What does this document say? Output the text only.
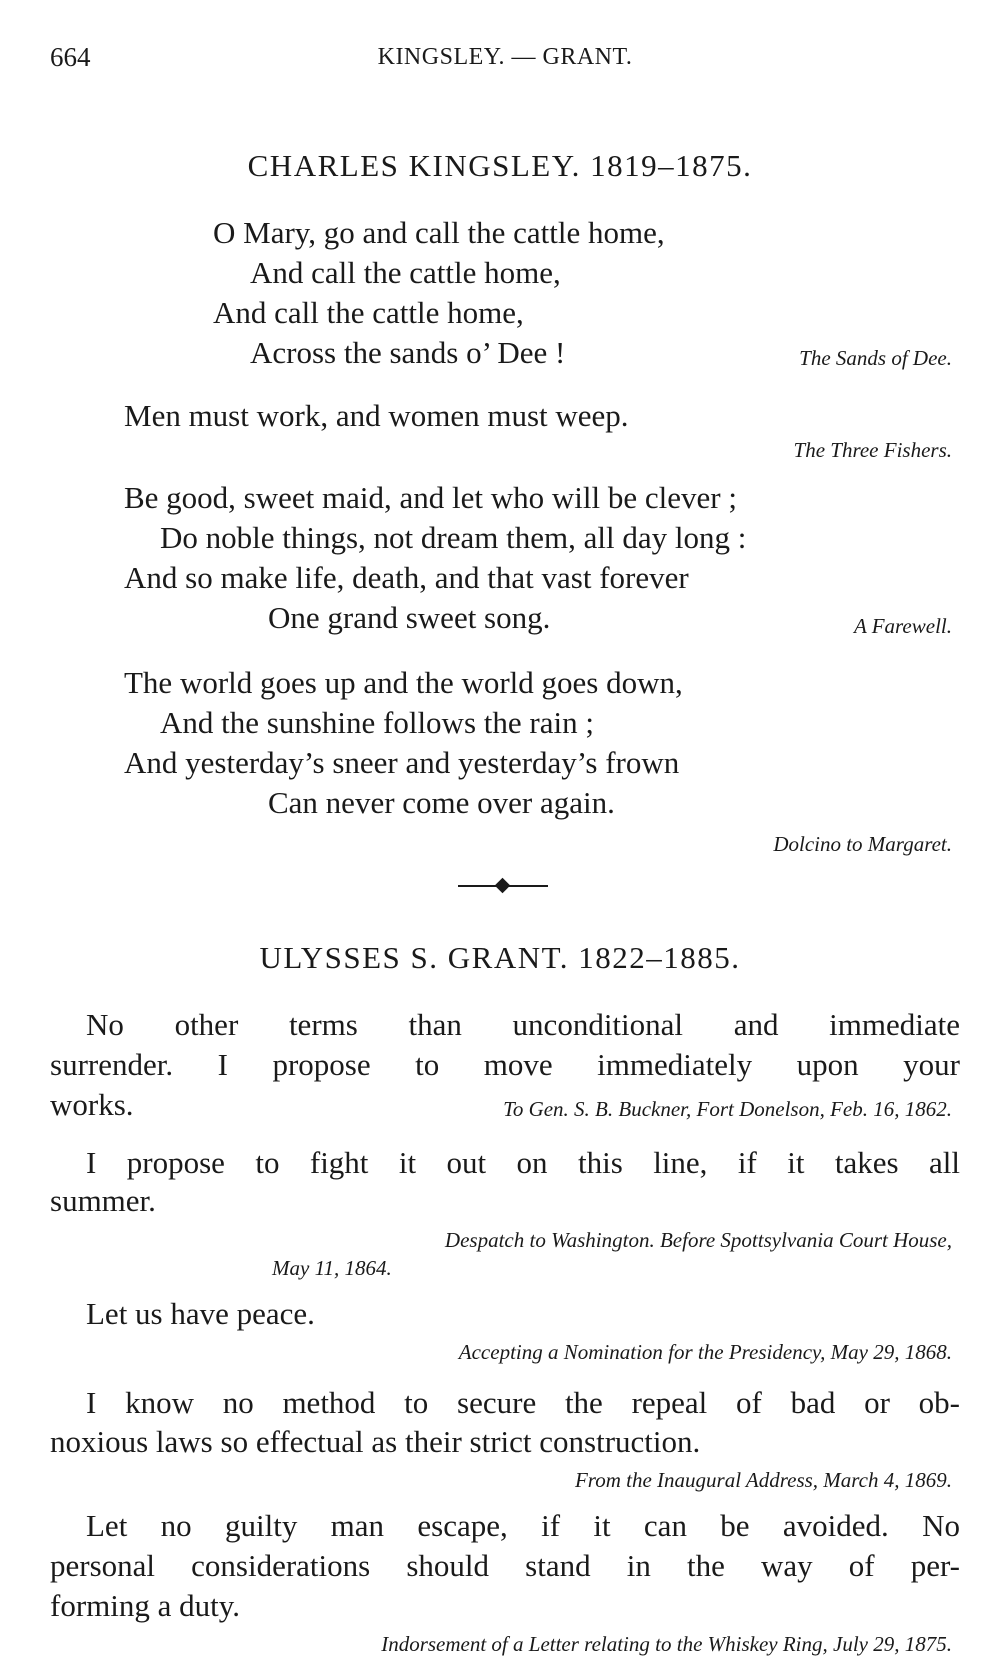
664	KINGSLEY. — GRANT.
CHARLES KINGSLEY. 1819–1875.
O Mary, go and call the cattle home,
And call the cattle home,
And call the cattle home,
Across the sands o’ Dee !	The Sands of Dee.
Men must work, and women must weep.
The Three Fishers.
Be good, sweet maid, and let who will be clever ;
Do noble things, not dream them, all day long :
And so make life, death, and that vast forever
One grand sweet song.	A Farewell.
The world goes up and the world goes down,
And the sunshine follows the rain ;
And yesterday’s sneer and yesterday’s frown
Can never come over again.
Dolcino to Margaret.
ULYSSES S. GRANT. 1822–1885.
No other terms than unconditional and immediate
surrender. I propose to move immediately upon your
works.	To Gen. S. B. Buckner, Fort Donelson, Feb. 16, 1862.
I propose to fight it out on this line, if it takes all
summer.
Despatch to Washington. Before Spottsylvania Court House,
May 11, 1864.
Let us have peace.
Accepting a Nomination for the Presidency, May 29, 1868.
I know no method to secure the repeal of bad or ob-
noxious laws so effectual as their strict construction.
From the Inaugural Address, March 4, 1869.
Let no guilty man escape, if it can be avoided. No
personal considerations should stand in the way of per-
forming a duty.
Indorsement of a Letter relating to the Whiskey Ring, July 29, 1875.
